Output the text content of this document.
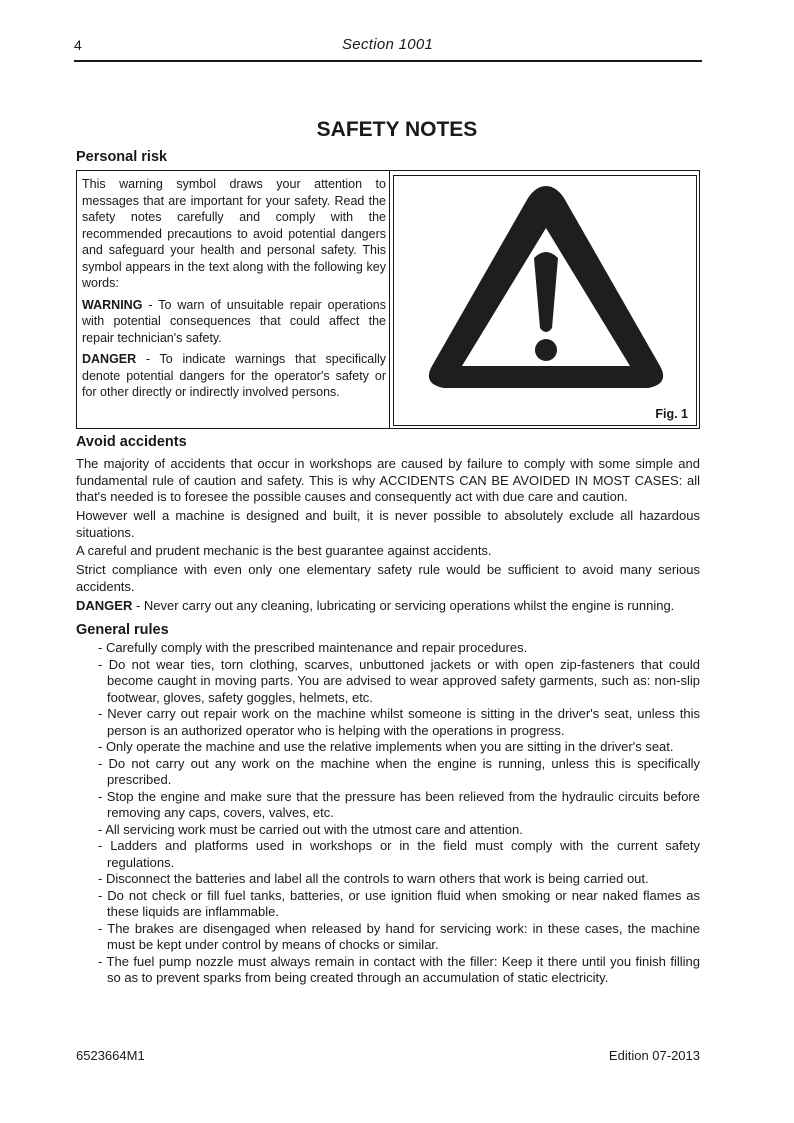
4	Section 1001
SAFETY NOTES
Personal risk

This warning symbol draws your attention to messages that are important for your safety. Read the safety notes carefully and comply with the recommended precautions to avoid potential dangers and safeguard your health and personal safety. This symbol appears in the text along with the following key words:

WARNING - To warn of unsuitable repair operations with potential consequences that could affect the repair technician's safety.

DANGER - To indicate warnings that specifically denote potential dangers for the operator's safety or for other directly or indirectly involved persons.

Fig. 1
Avoid accidents

The majority of accidents that occur in workshops are caused by failure to comply with some simple and fundamental rule of caution and safety. This is why ACCIDENTS CAN BE AVOIDED IN MOST CASES: all that's needed is to foresee the possible causes and consequently act with due care and caution.

However well a machine is designed and built, it is never possible to absolutely exclude all hazardous situations.

A careful and prudent mechanic is the best guarantee against accidents.

Strict compliance with even only one elementary safety rule would be sufficient to avoid many serious accidents.

DANGER - Never carry out any cleaning, lubricating or servicing operations whilst the engine is running.

General rules
- Carefully comply with the prescribed maintenance and repair procedures.
- Do not wear ties, torn clothing, scarves, unbuttoned jackets or with open zip-fasteners that could become caught in moving parts. You are advised to wear approved safety garments, such as: non-slip footwear, gloves, safety goggles, helmets, etc.
- Never carry out repair work on the machine whilst someone is sitting in the driver's seat, unless this person is an authorized operator who is helping with the operations in progress.
- Only operate the machine and use the relative implements when you are sitting in the driver's seat.
- Do not carry out any work on the machine when the engine is running, unless this is specifically prescribed.
- Stop the engine and make sure that the pressure has been relieved from the hydraulic circuits before removing any caps, covers, valves, etc.
- All servicing work must be carried out with the utmost care and attention.
- Ladders and platforms used in workshops or in the field must comply with the current safety regulations.
- Disconnect the batteries and label all the controls to warn others that work is being carried out.
- Do not check or fill fuel tanks, batteries, or use ignition fluid when smoking or near naked flames as these liquids are inflammable.
- The brakes are disengaged when released by hand for servicing work: in these cases, the machine must be kept under control by means of chocks or similar.
- The fuel pump nozzle must always remain in contact with the filler: Keep it there until you finish filling so as to prevent sparks from being created through an accumulation of static electricity.
6523664M1	Edition 07-2013
